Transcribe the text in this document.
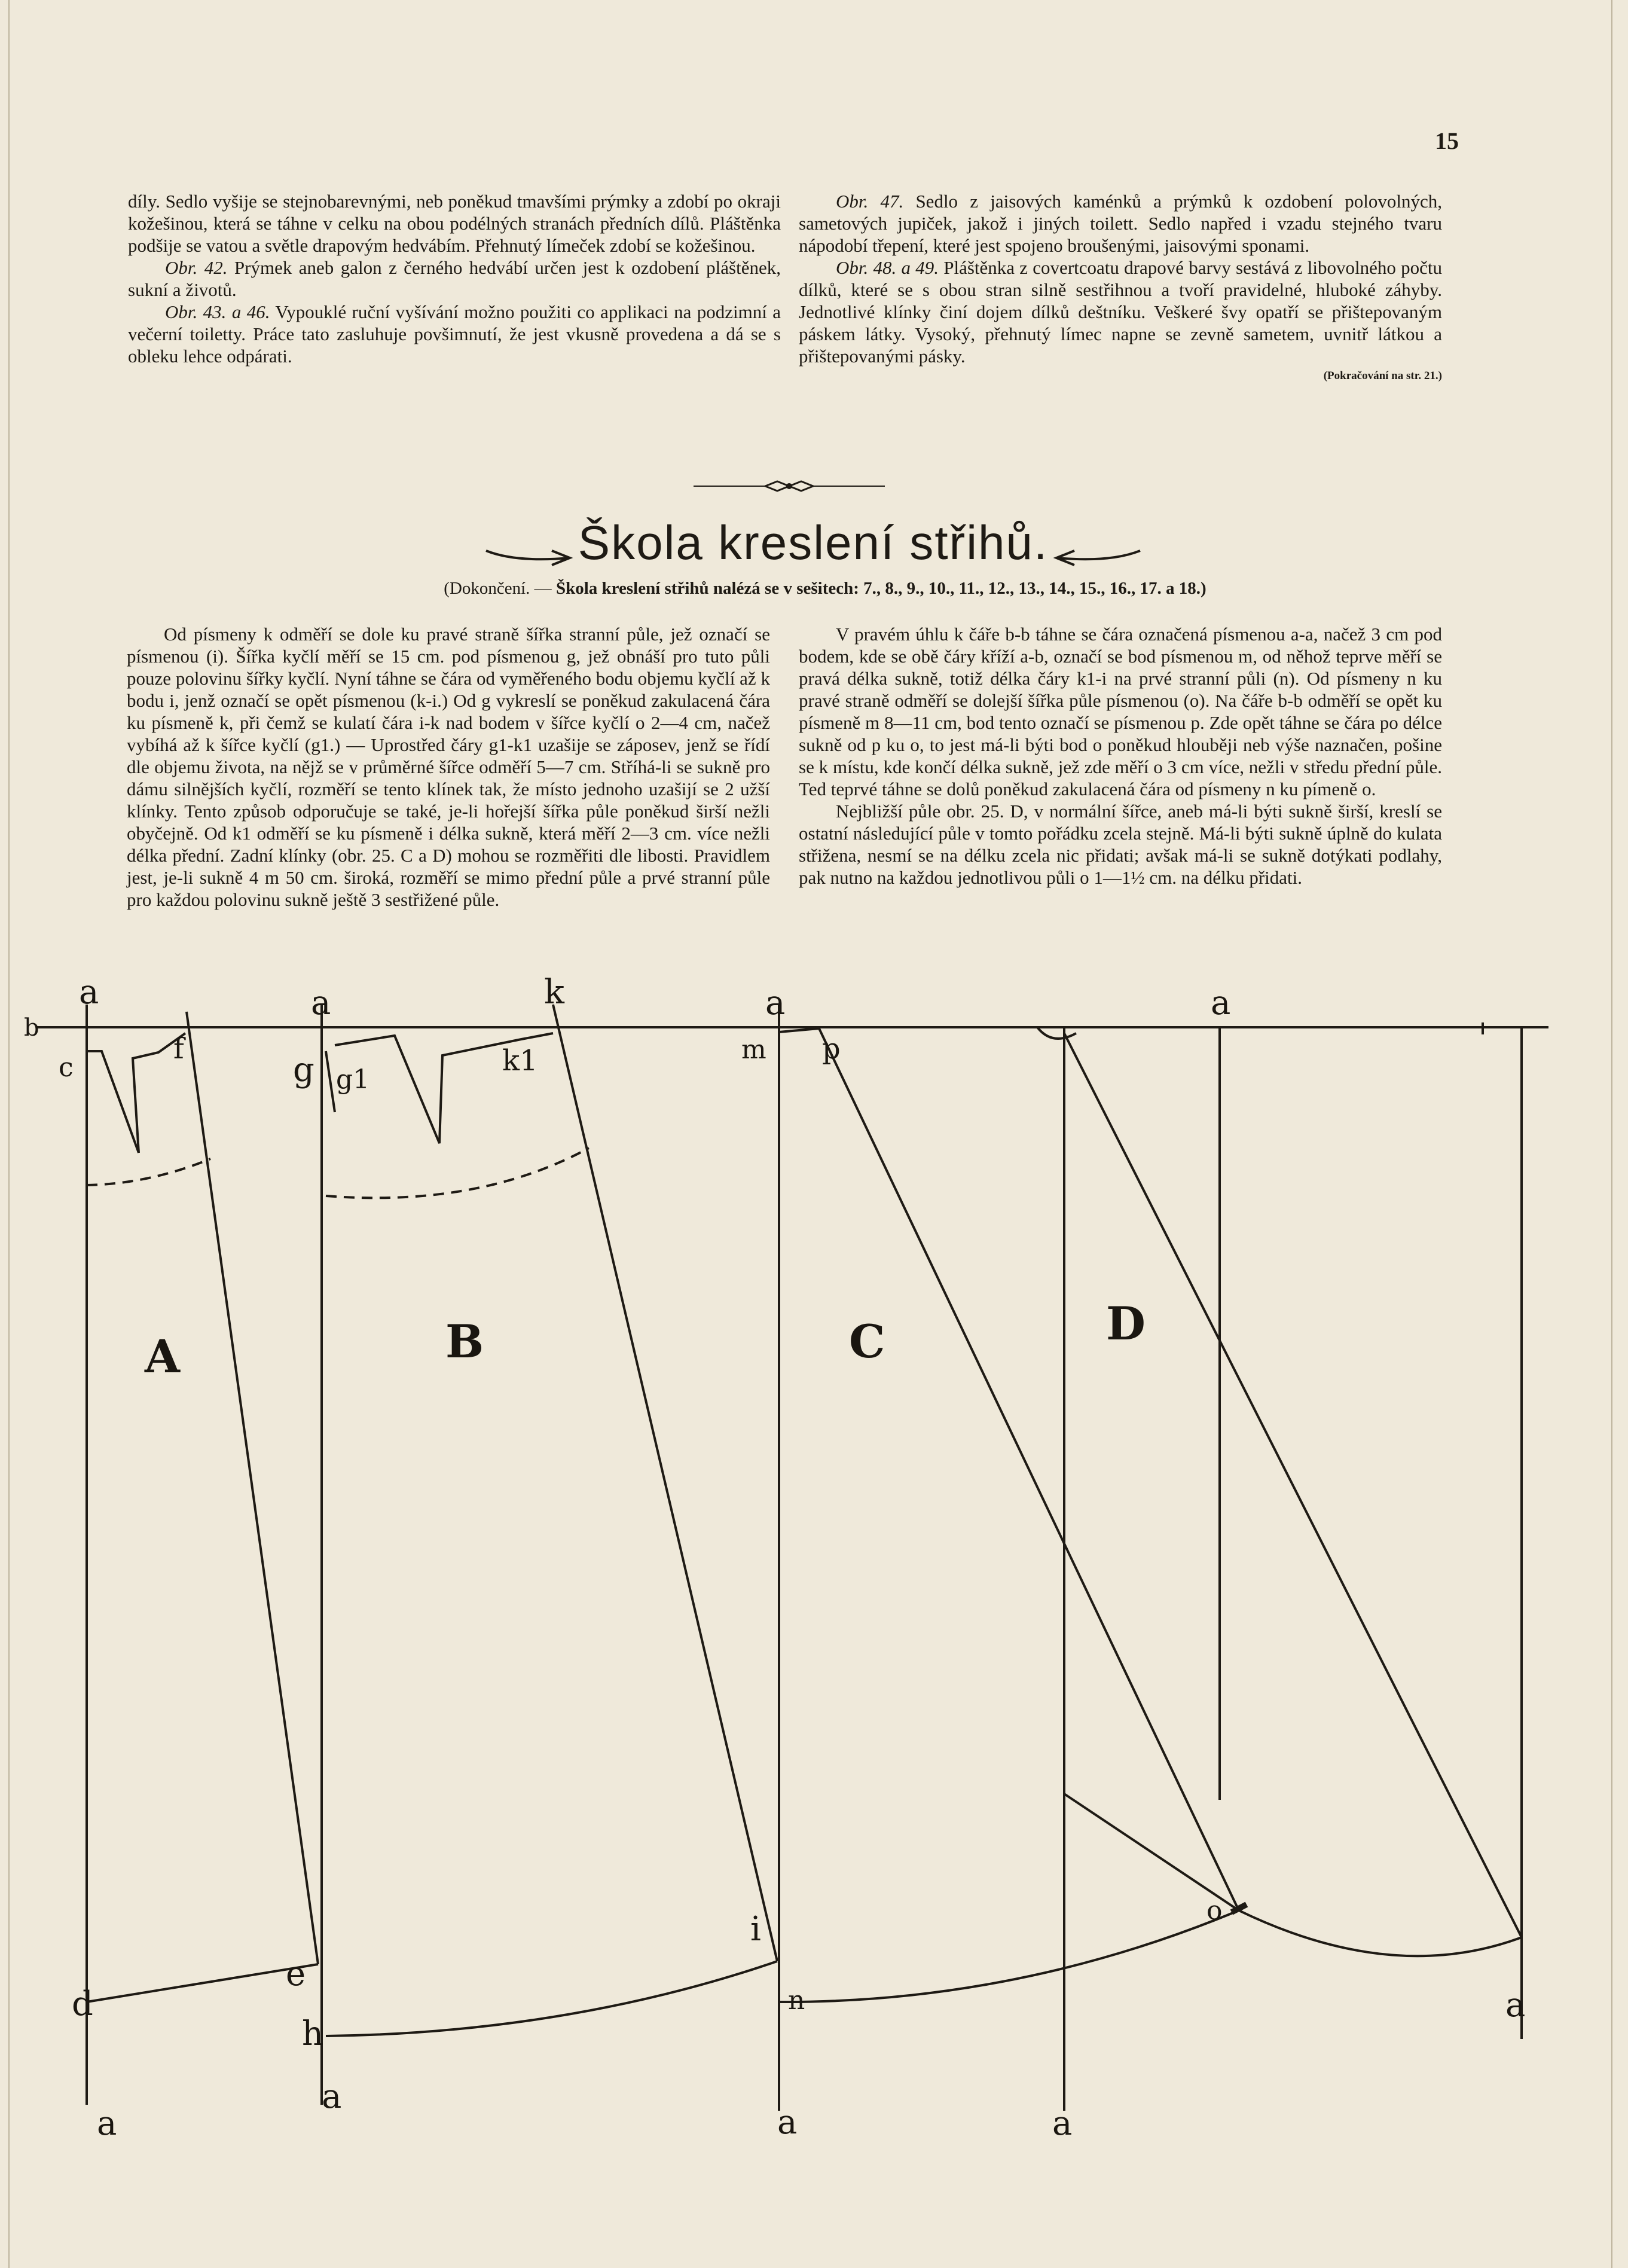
15

díly. Sedlo vyšije se stejnobarevnými, neb poněkud tmavšími prýmky a zdobí po okraji kožešinou, která se táhne v celku na obou podélných stranách předních dílů. Pláštěnka podšije se vatou a světle drapovým hedvábím. Přehnutý límeček zdobí se kožešinou.

Obr. 42. Prýmek aneb galon z černého hedvábí určen jest k ozdobení pláštěnek, sukní a životů.

Obr. 43. a 46. Vypouklé ruční vyšívání možno použiti co applikaci na podzimní a večerní toiletty. Práce tato zasluhuje povšimnutí, že jest vkusně provedena a dá se s obleku lehce odpárati.

Obr. 47. Sedlo z jaisových kaménků a prýmků k ozdobení polovolných, sametových jupiček, jakož i jiných toilett. Sedlo napřed i vzadu stejného tvaru nápodobí třepení, které jest spojeno broušenými, jaisovými sponami.

Obr. 48. a 49. Pláštěnka z covertcoatu drapové barvy sestává z libovolného počtu dílků, které se s obou stran silně sestřihnou a tvoří pravidelné, hluboké záhyby. Jednotlivé klínky činí dojem dílků deštníku. Veškeré švy opatří se přištepovaným páskem látky. Vysoký, přehnutý límec napne se zevně sametem, uvnitř látkou a přištepovanými pásky.

(Pokračování na str. 21.)
Škola kreslení střihů.
(Dokončení. — Škola kreslení střihů nalézá se v sešitech: 7., 8., 9., 10., 11., 12., 13., 14., 15., 16., 17. a 18.)

Od písmeny k odměří se dole ku pravé straně šířka stranní půle, jež označí se písmenou (i). Šířka kyčlí měří se 15 cm. pod písmenou g, jež obnáší pro tuto půli pouze polovinu šířky kyčlí. Nyní táhne se čára od vyměřeného bodu objemu kyčlí až k bodu i, jenž označí se opět písmenou (k-i.) Od g vykreslí se poněkud zakulacená čára ku písmeně k, při čemž se kulatí čára i-k nad bodem v šířce kyčlí o 2—4 cm, načež vybíhá až k šířce kyčlí (g1.) — Uprostřed čáry g1-k1 uzašije se záposev, jenž se řídí dle objemu života, na nějž se v průměrné šířce odměří 5—7 cm. Stříhá-li se sukně pro dámu silnějších kyčlí, rozměří se tento klínek tak, že místo jednoho uzašijí se 2 užší klínky. Tento způsob odporučuje se také, je-li hořejší šířka půle poněkud širší nežli obyčejně. Od k1 odměří se ku písmeně i délka sukně, která měří 2—3 cm. více nežli délka přední. Zadní klínky (obr. 25. C a D) mohou se rozměřiti dle libosti. Pravidlem jest, je-li sukně 4 m 50 cm. široká, rozměří se mimo přední půle a prvé stranní půle pro každou polovinu sukně ještě 3 sestřižené půle.

V pravém úhlu k čáře b-b táhne se čára označená písmenou a-a, načež 3 cm pod bodem, kde se obě čáry kříží a-b, označí se bod písmenou m, od něhož teprve měří se pravá délka sukně, totiž délka čáry k1-i na prvé stranní půli (n). Od písmeny n ku pravé straně odměří se dolejší šířka půle písmenou (o). Na čáře b-b odměří se opět ku písmeně m 8—11 cm, bod tento označí se písmenou p. Zde opět táhne se čára po délce sukně od p ku o, to jest má-li býti bod o poněkud hlouběji neb výše naznačen, pošine se k místu, kde končí délka sukně, jež zde měří o 3 cm více, nežli v středu přední půle. Ted teprvé táhne se dolů poněkud zakulacená čára od písmeny n ku pímeně o.

Nejbližší půle obr. 25. D, v normální šířce, aneb má-li býti sukně širší, kreslí se ostatní následující půle v tomto pořádku zcela stejně. Má-li býti sukně úplně do kulata střižena, nesmí se na délku zcela nic přidati; avšak má-li se sukně dotýkati podlahy, pak nutno na každou jednotlivou půli o 1—1½ cm. na délku přidati.

a	a	k	a	a
b
c
f
g g1
k1	m p
e
d
h
i
n
o
a
a
a
a	a
A	B	C	D
